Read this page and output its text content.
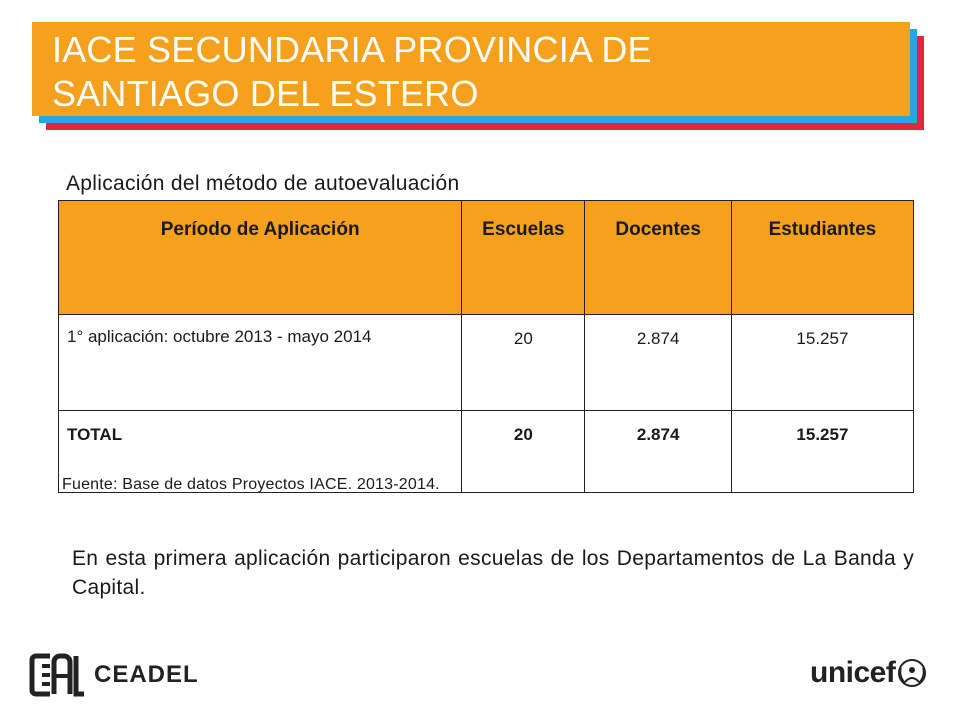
IACE SECUNDARIA PROVINCIA DE
SANTIAGO DEL ESTERO
Aplicación del método de autoevaluación
Período de Aplicación	Escuelas	Docentes	Estudiantes
1° aplicación: octubre 2013 - mayo 2014	20	2.874	15.257
TOTAL	20	2.874	15.257
Fuente: Base de datos Proyectos IACE. 2013-2014.

En esta primera aplicación participaron escuelas de los Departamentos de La Banda y Capital.

CEADEL	unicef
